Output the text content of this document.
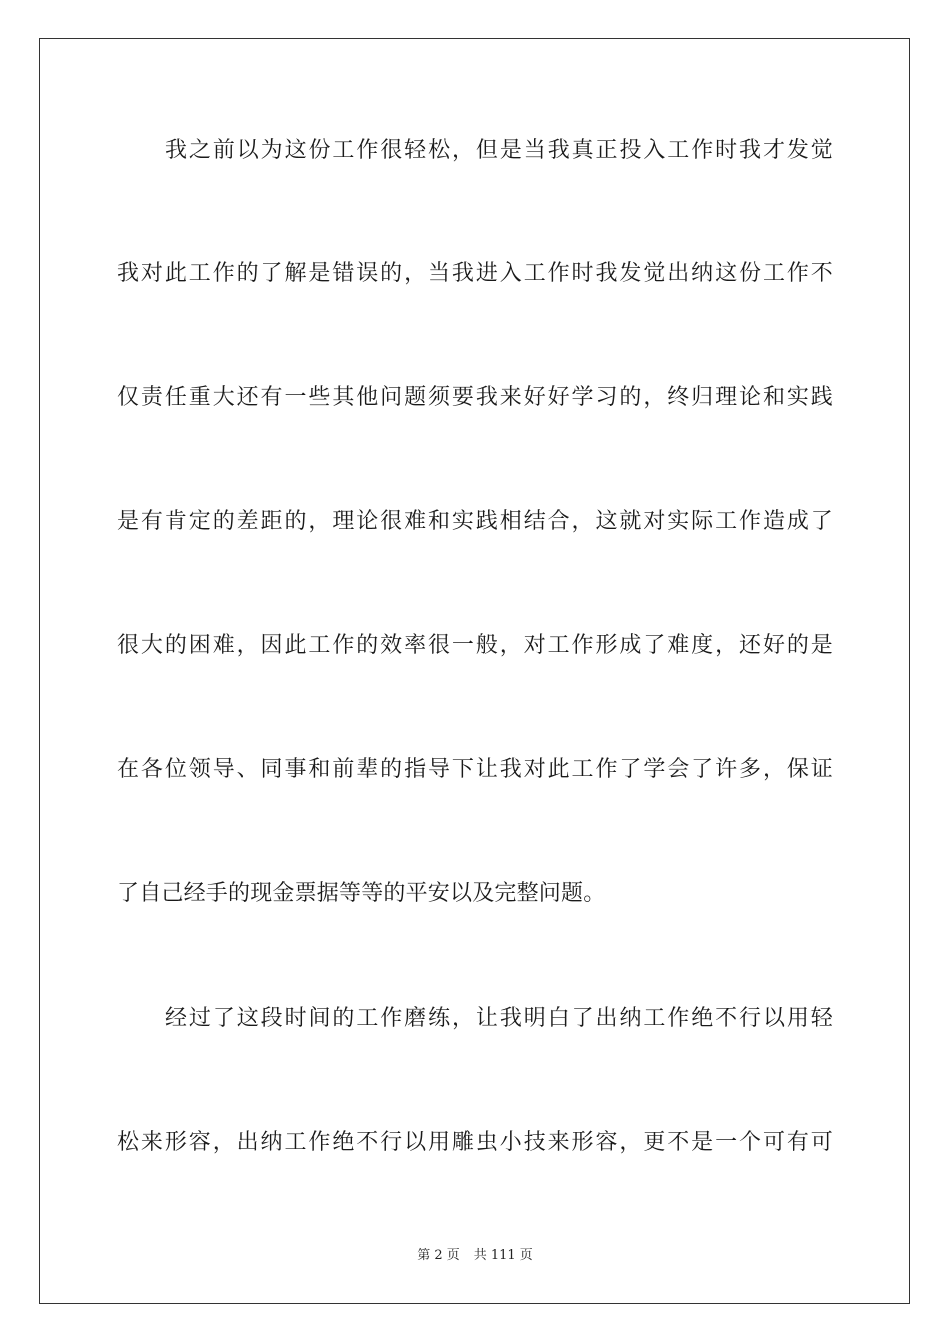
我之前以为这份工作很轻松，但是当我真正投入工作时我才发觉
我对此工作的了解是错误的，当我进入工作时我发觉出纳这份工作不
仅责任重大还有一些其他问题须要我来好好学习的，终归理论和实践
是有肯定的差距的，理论很难和实践相结合，这就对实际工作造成了
很大的困难，因此工作的效率很一般，对工作形成了难度，还好的是
在各位领导、同事和前辈的指导下让我对此工作了学会了许多，保证
了自己经手的现金票据等等的平安以及完整问题。
经过了这段时间的工作磨练，让我明白了出纳工作绝不行以用轻
松来形容，出纳工作绝不行以用雕虫小技来形容，更不是一个可有可
第 2 页 共 111 页
